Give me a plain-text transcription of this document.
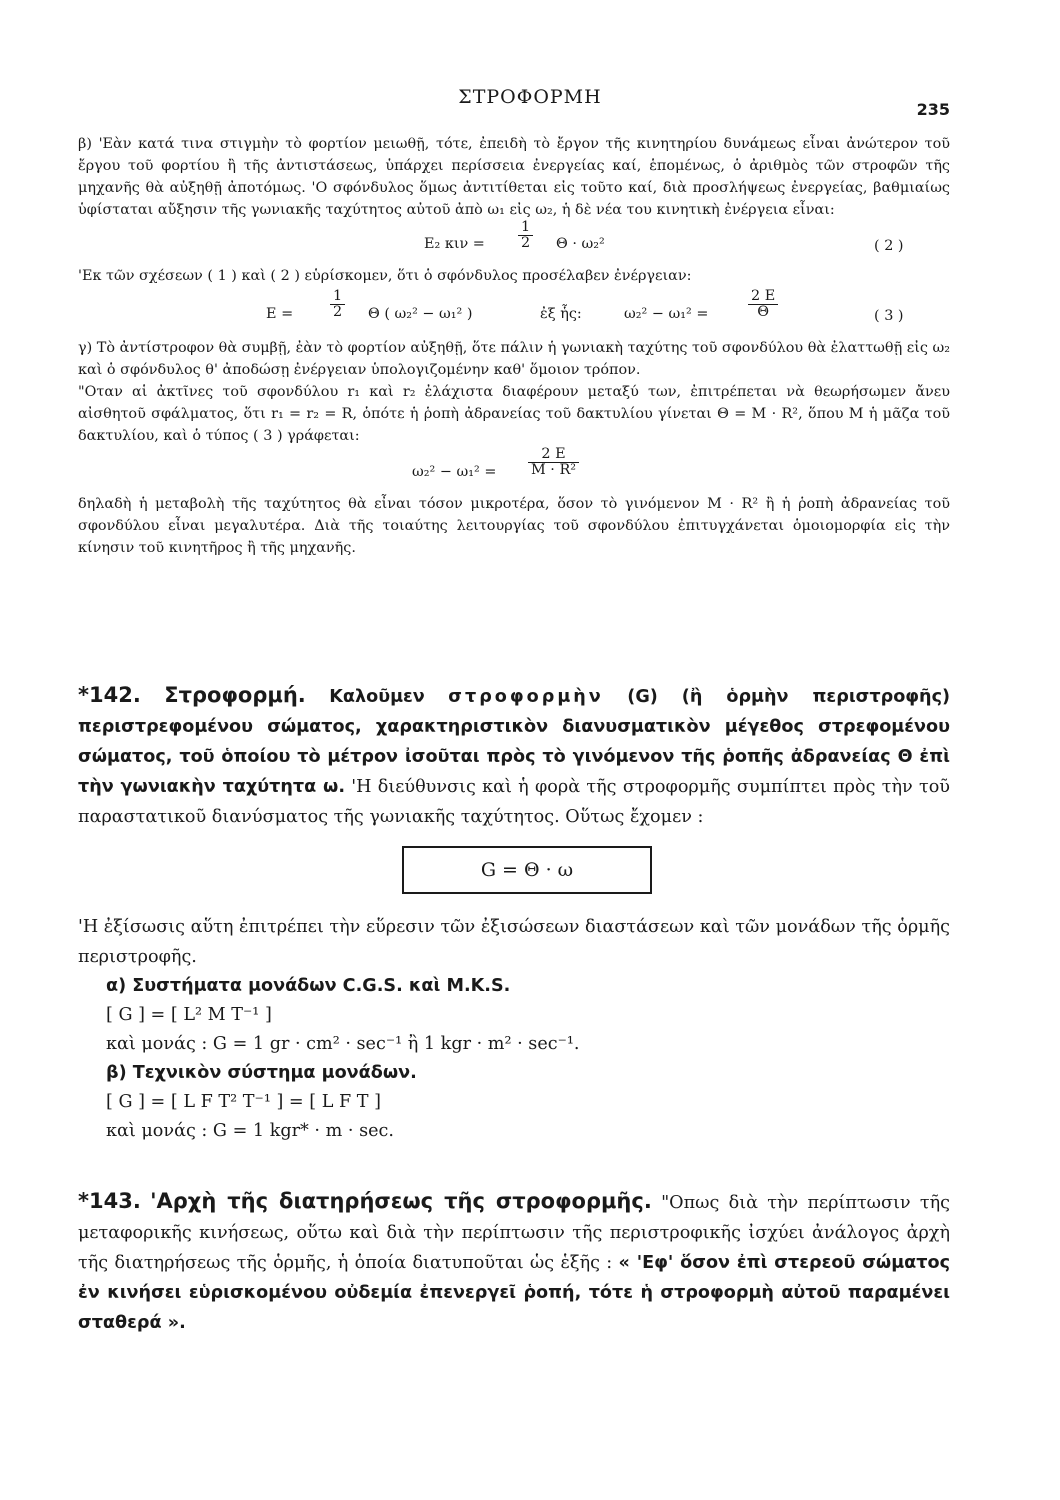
ΣΤΡΟΦΟΡΜΗ
235

β) 'Εὰν κατά τινα στιγμὴν τὸ φορτίον μειωθῇ, τότε, ἐπειδὴ τὸ ἔργον τῆς κινητηρίου δυνάμεως εἶναι ἀνώτερον τοῦ ἔργου τοῦ φορτίου ἢ τῆς ἀντιστάσεως, ὑπάρχει περίσσεια ἐνεργείας καί, ἑπομένως, ὁ ἀριθμὸς τῶν στροφῶν τῆς μηχανῆς θὰ αὐξηθῇ ἀποτόμως. 'Ο σφόνδυλος ὅμως ἀντιτίθεται εἰς τοῦτο καί, διὰ προσλήψεως ἐνεργείας, βαθμιαίως ὑφίσταται αὔξησιν τῆς γωνιακῆς ταχύτητος αὐτοῦ ἀπὸ ω₁ εἰς ω₂, ἡ δὲ νέα του κινητικὴ ἐνέργεια εἶναι:

E₂ $\kappa\iota\nu = \frac{1}{2}$ Θ · ω₂²	( 2 )

'Εκ τῶν σχέσεων ( 1 ) καὶ ( 2 ) εὑρίσκομεν, ὅτι ὁ σφόνδυλος προσέλαβεν ἐνέργειαν:

E =	$\frac{1}{2}$ Θ ( ω₂² − ω₁² )	ἐξ ἧς:	ω₂² − ω₁² =	$\frac{2 E}{\Theta}$	( 3 )

γ) Τὸ ἀντίστροφον θὰ συμβῇ, ἐὰν τὸ φορτίον αὐξηθῇ, ὅτε πάλιν ἡ γωνιακὴ ταχύτης τοῦ σφονδύλου θὰ ἐλαττωθῇ εἰς ω₂ καὶ ὁ σφόνδυλος θ' ἀποδώσῃ ἐνέργειαν ὑπολογιζομένην καθ' ὅμοιον τρόπον.

"Οταν αἱ ἀκτῖνες τοῦ σφονδύλου r₁ καὶ r₂ ἐλάχιστα διαφέρουν μεταξύ των, ἐπιτρέπεται νὰ θεωρήσωμεν ἄνευ αἰσθητοῦ σφάλματος, ὅτι r₁ = r₂ = R, ὁπότε ἡ ῥοπὴ ἀδρανείας τοῦ δακτυλίου γίνεται Θ = M · R², ὅπου M ἡ μᾶζα τοῦ δακτυλίου, καὶ ὁ τύπος ( 3 ) γράφεται:

$\omega_2^2 - \omega_1^2 = \frac{2 E}{\text{M · R²}}$

δηλαδὴ ἡ μεταβολὴ τῆς ταχύτητος θὰ εἶναι τόσον μικροτέρα, ὅσον τὸ γινόμενον M · R² ἢ ἡ ῥοπὴ ἀδρανείας τοῦ σφονδύλου εἶναι μεγαλυτέρα. Διὰ τῆς τοιαύτης λειτουργίας τοῦ σφονδύλου ἐπιτυγχάνεται ὁμοιομορφία εἰς τὴν κίνησιν τοῦ κινητῆρος ἢ τῆς μηχανῆς.

*142. Στροφορμή. Καλοῦμεν στροφορμὴν (G) (ἢ ὁρμὴν περιστροφῆς) περιστρεφομένου σώματος, χαρακτηριστικὸν διανυσματικὸν μέγεθος στρεφομένου σώματος, τοῦ ὁποίου τὸ μέτρον ἰσοῦται πρὸς τὸ γινόμενον τῆς ῥοπῆς ἀδρανείας Θ ἐπὶ τὴν γωνιακὴν ταχύτητα ω. 'Η διεύθυνσις καὶ ἡ φορὰ τῆς στροφορμῆς συμπίπτει πρὸς τὴν τοῦ παραστατικοῦ διανύσματος τῆς γωνιακῆς ταχύτητος. Οὕτως ἔχομεν :

G = Θ · ω

'Η ἐξίσωσις αὕτη ἐπιτρέπει τὴν εὕρεσιν τῶν ἐξισώσεων διαστάσεων καὶ τῶν μονάδων τῆς ὁρμῆς περιστροφῆς.

α) Συστήματα μονάδων C.G.S. καὶ M.K.S.

[ G ] = [ L² M T⁻¹ ]

καὶ μονάς : G = 1 gr · cm² · sec⁻¹ ἢ 1 kgr · m² · sec⁻¹.

β) Τεχνικὸν σύστημα μονάδων.

[ G ] = [ L F T² T⁻¹ ] = [ L F T ]

καὶ μονάς : G = 1 kgr* · m · sec.

*143. 'Αρχὴ τῆς διατηρήσεως τῆς στροφορμῆς. "Οπως διὰ τὴν περίπτωσιν τῆς μεταφορικῆς κινήσεως, οὕτω καὶ διὰ τὴν περίπτωσιν τῆς περιστροφικῆς ἰσχύει ἀνάλογος ἀρχὴ τῆς διατηρήσεως τῆς ὁρμῆς, ἡ ὁποία διατυποῦται ὡς ἑξῆς : « 'Εφ' ὅσον ἐπὶ στερεοῦ σώματος ἐν κινήσει εὑρισκομένου οὐδεμία ἐπενεργεῖ ῥοπή, τότε ἡ στροφορμὴ αὐτοῦ παραμένει σταθερά ».
